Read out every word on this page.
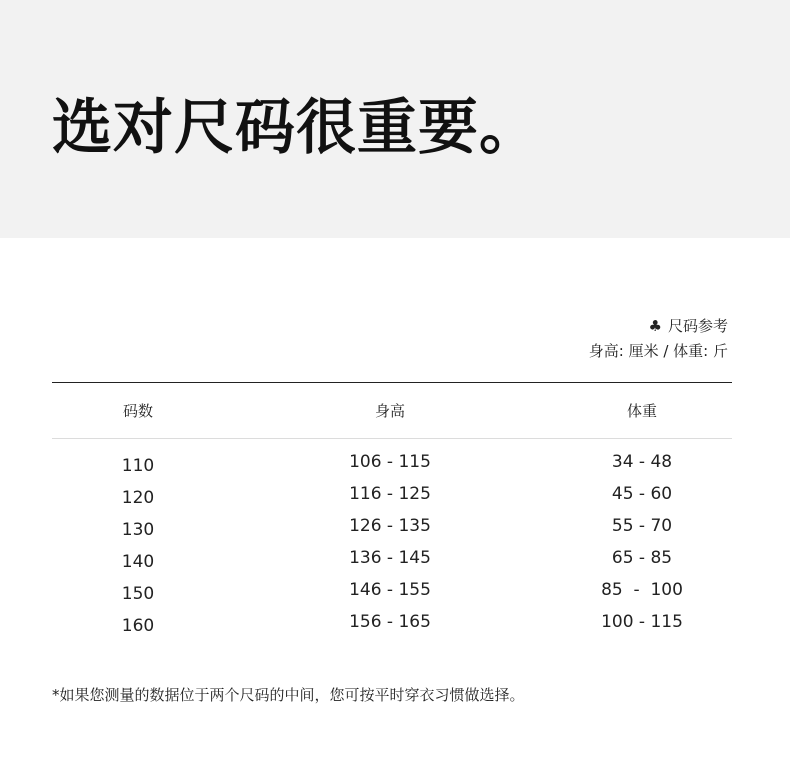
选对尺码很重要。
♣ 尺码参考
身高: 厘米 / 体重: 斤
码数	身高	体重
110	106 - 115	34 - 48
120	116 - 125	45 - 60
130	126 - 135	55 - 70
140	136 - 145	65 - 85
150	146 - 155	85  -  100
160	156 - 165	100 - 115
*如果您测量的数据位于两个尺码的中间，您可按平时穿衣习惯做选择。
